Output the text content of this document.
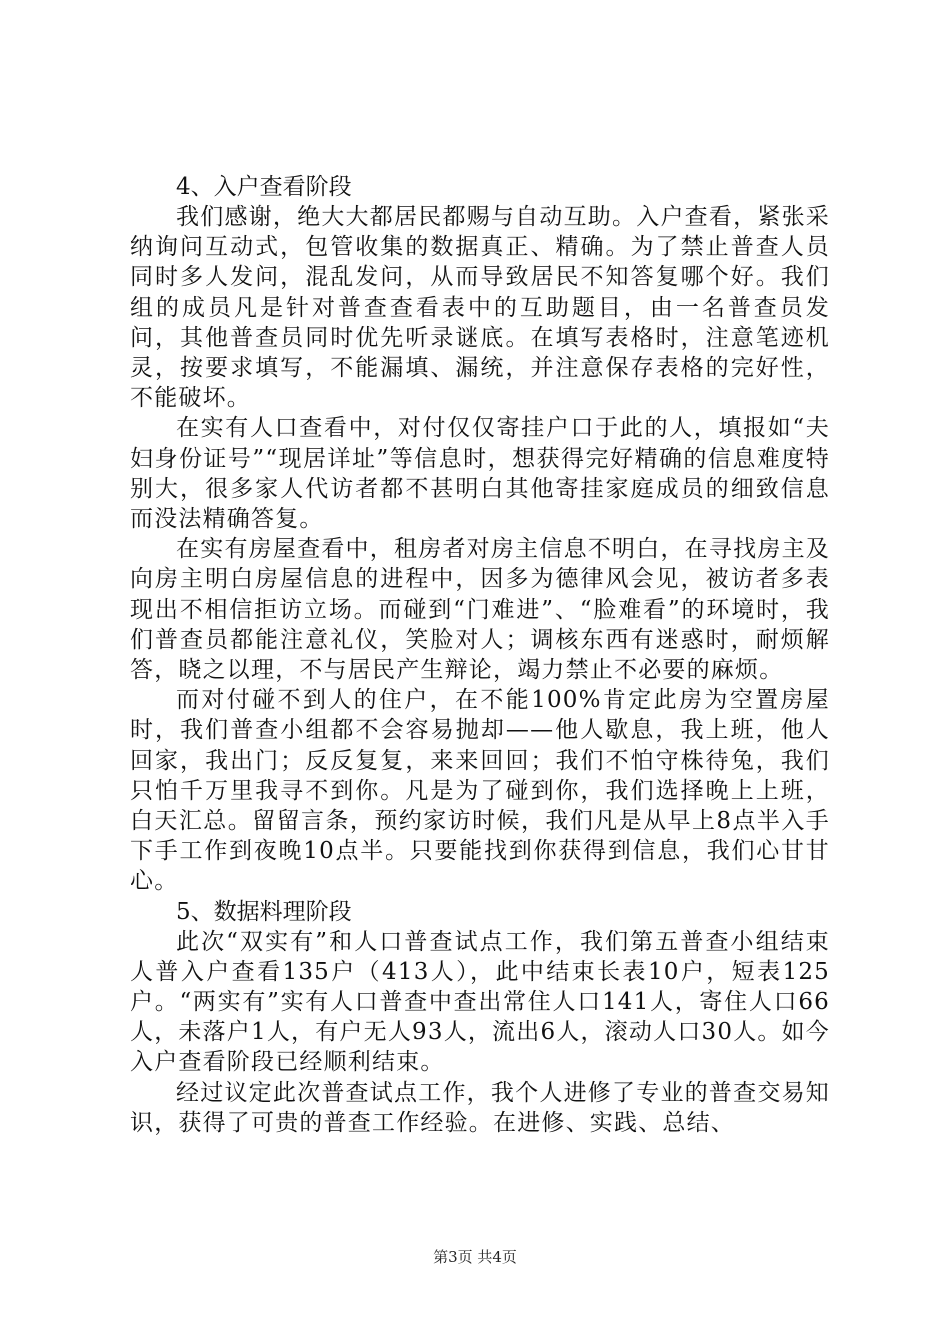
4、入户查看阶段

我们感谢，绝大大都居民都赐与自动互助。入户查看，紧张采纳询问互动式，包管收集的数据真正、精确。为了禁止普查人员同时多人发问，混乱发问，从而导致居民不知答复哪个好。我们组的成员凡是针对普查查看表中的互助题目，由一名普查员发问，其他普查员同时优先听录谜底。在填写表格时，注意笔迹机灵，按要求填写，不能漏填、漏统，并注意保存表格的完好性，不能破坏。

在实有人口查看中，对付仅仅寄挂户口于此的人，填报如“夫妇身份证号”“现居详址”等信息时，想获得完好精确的信息难度特别大，很多家人代访者都不甚明白其他寄挂家庭成员的细致信息而没法精确答复。

在实有房屋查看中，租房者对房主信息不明白，在寻找房主及向房主明白房屋信息的进程中，因多为德律风会见，被访者多表现出不相信拒访立场。而碰到“门难进”、“脸难看”的环境时，我们普查员都能注意礼仪，笑脸对人；调核东西有迷惑时，耐烦解答，晓之以理，不与居民产生辩论，竭力禁止不必要的麻烦。

而对付碰不到人的住户，在不能100%肯定此房为空置房屋时，我们普查小组都不会容易抛却——他人歇息，我上班，他人回家，我出门；反反复复，来来回回；我们不怕守株待兔，我们只怕千万里我寻不到你。凡是为了碰到你，我们选择晚上上班，白天汇总。留留言条，预约家访时候，我们凡是从早上8点半入手下手工作到夜晚10点半。只要能找到你获得到信息，我们心甘甘心。

5、数据料理阶段

此次“双实有”和人口普查试点工作，我们第五普查小组结束人普入户查看135户（413人），此中结束长表10户，短表125户。“两实有”实有人口普查中查出常住人口141人，寄住人口66人，未落户1人，有户无人93人，流出6人，滚动人口30人。如今入户查看阶段已经顺利结束。

经过议定此次普查试点工作，我个人进修了专业的普查交易知识，获得了可贵的普查工作经验。在进修、实践、总结、

第3页 共4页
